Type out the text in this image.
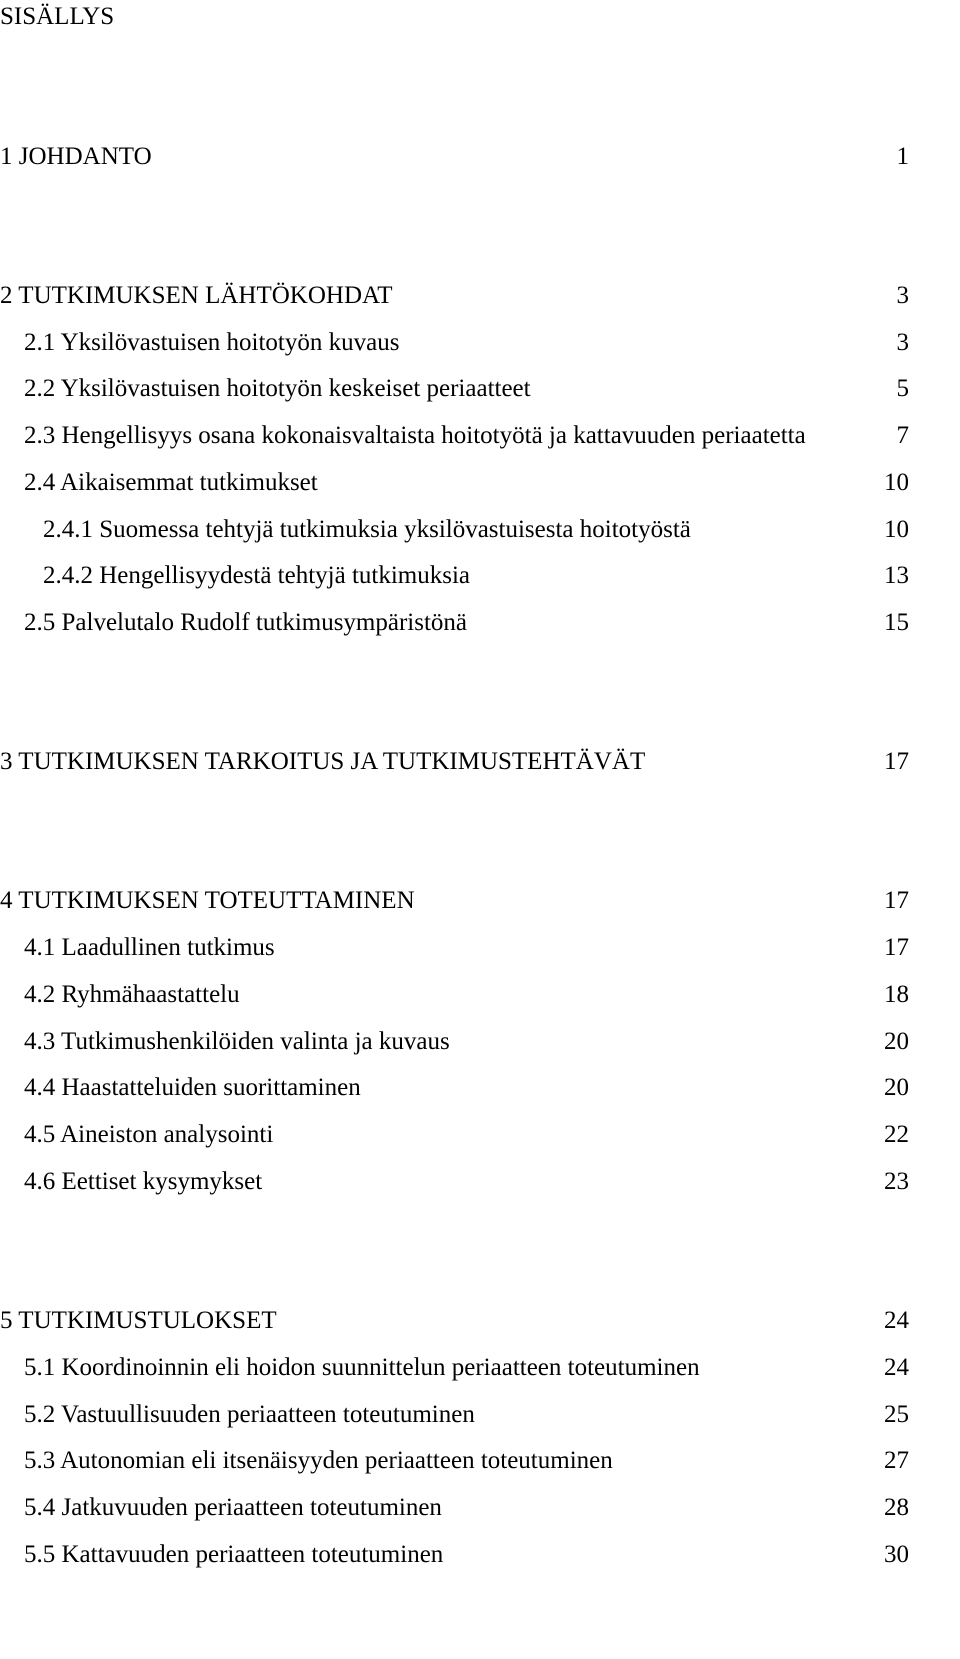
SISÄLLYS
1 JOHDANTO	1
2 TUTKIMUKSEN LÄHTÖKOHDAT	3
2.1 Yksilövastuisen hoitotyön kuvaus	3
2.2 Yksilövastuisen hoitotyön keskeiset periaatteet	5
2.3 Hengellisyys osana kokonaisvaltaista hoitotyötä ja kattavuuden periaatetta	7
2.4 Aikaisemmat tutkimukset	10
2.4.1 Suomessa tehtyjä tutkimuksia yksilövastuisesta hoitotyöstä	10
2.4.2 Hengellisyydestä tehtyjä tutkimuksia	13
2.5 Palvelutalo Rudolf tutkimusympäristönä	15
3 TUTKIMUKSEN TARKOITUS JA TUTKIMUSTEHTÄVÄT	17
4 TUTKIMUKSEN TOTEUTTAMINEN	17
4.1 Laadullinen tutkimus	17
4.2 Ryhmähaastattelu	18
4.3 Tutkimushenkilöiden valinta ja kuvaus	20
4.4 Haastatteluiden suorittaminen	20
4.5 Aineiston analysointi	22
4.6 Eettiset kysymykset	23
5 TUTKIMUSTULOKSET	24
5.1 Koordinoinnin eli hoidon suunnittelun periaatteen toteutuminen	24
5.2 Vastuullisuuden periaatteen toteutuminen	25
5.3 Autonomian eli itsenäisyyden periaatteen toteutuminen	27
5.4 Jatkuvuuden periaatteen toteutuminen	28
5.5 Kattavuuden periaatteen toteutuminen	30
